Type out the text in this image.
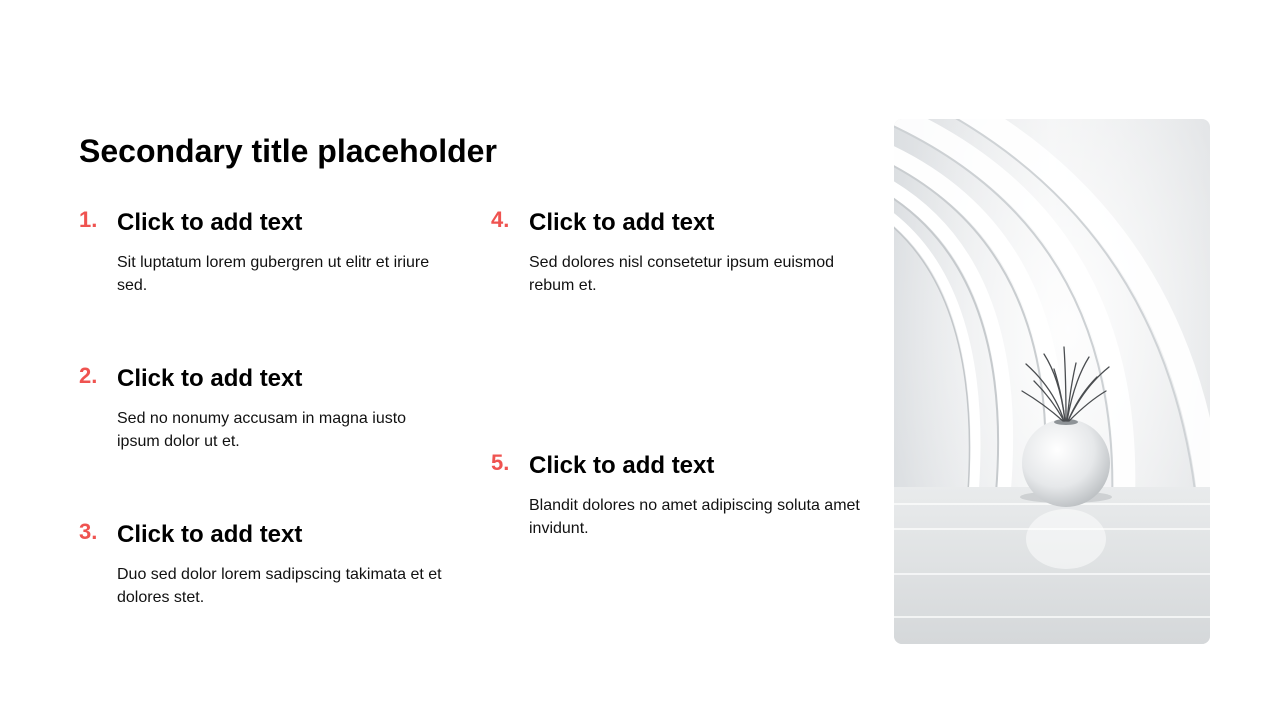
Secondary title placeholder
1. Click to add text
Sit luptatum lorem gubergren ut elitr et iriure sed.
2. Click to add text
Sed no nonumy accusam in magna iusto ipsum dolor ut et.
3. Click to add text
Duo sed dolor lorem sadipscing takimata et et dolores stet.
4. Click to add text
Sed dolores nisl consetetur ipsum euismod rebum et.
5. Click to add text
Blandit dolores no amet adipiscing soluta amet invidunt.
